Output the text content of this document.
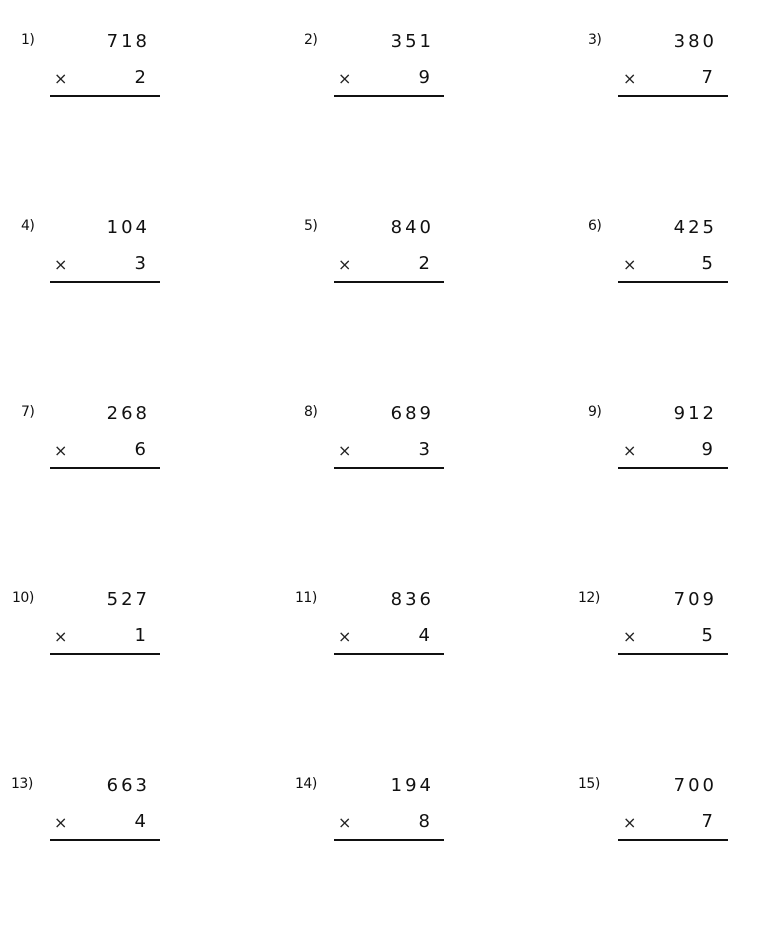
1)	718
×	2
2)	351
×	9
3)	380
×	7
4)	104
×	3
5)	840
×	2
6)	425
×	5
7)	268
×	6
8)	689
×	3
9)	912
×	9
10)	527
×	1
11)	836
×	4
12)	709
×	5
13)	663
×	4
14)	194
×	8
15)	700
×	7
